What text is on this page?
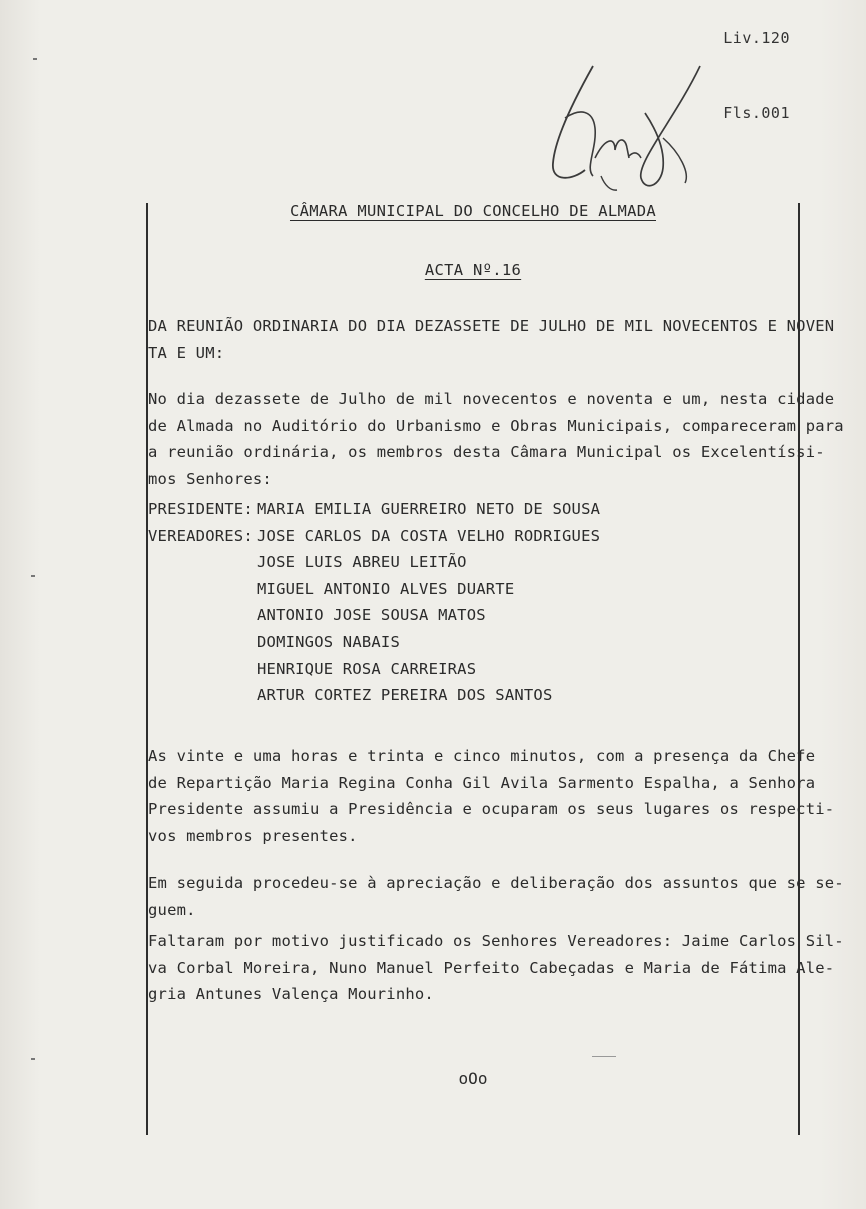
Liv.120
Fls.001
CÂMARA MUNICIPAL DO CONCELHO DE ALMADA
ACTA Nº.16
DA REUNIÃO ORDINARIA DO DIA DEZASSETE DE JULHO DE MIL NOVECENTOS E NOVEN
TA E UM:
No dia dezassete de Julho de mil novecentos e noventa e um, nesta cidade
de Almada no Auditório do Urbanismo e Obras Municipais, compareceram para
a reunião ordinária, os membros desta Câmara Municipal os Excelentíssi-
mos Senhores:
PRESIDENTE: MARIA EMILIA GUERREIRO NETO DE SOUSA
VEREADORES: JOSE CARLOS DA COSTA VELHO RODRIGUES
JOSE LUIS ABREU LEITÃO
MIGUEL ANTONIO ALVES DUARTE
ANTONIO JOSE SOUSA MATOS
DOMINGOS NABAIS
HENRIQUE ROSA CARREIRAS
ARTUR CORTEZ PEREIRA DOS SANTOS
As vinte e uma horas e trinta e cinco minutos, com a presença da Chefe
de Repartição Maria Regina Conha Gil Avila Sarmento Espalha, a Senhora
Presidente assumiu a Presidência e ocuparam os seus lugares os respecti-
vos membros presentes.
Em seguida procedeu-se à apreciação e deliberação dos assuntos que se se-
guem.
Faltaram por motivo justificado os Senhores Vereadores: Jaime Carlos Sil-
va Corbal Moreira, Nuno Manuel Perfeito Cabeçadas e Maria de Fátima Ale-
gria Antunes Valença Mourinho.
oOo
